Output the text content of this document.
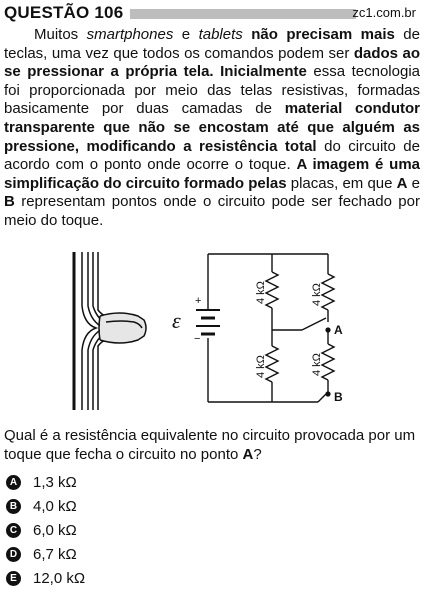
QUESTÃO 106	zc1.com.br
Muitos smartphones e tablets não precisam mais de teclas, uma vez que todos os comandos podem ser dados ao se pressionar a própria tela. Inicialmente essa tecnologia foi proporcionada por meio das telas resistivas, formadas basicamente por duas camadas de material condutor transparente que não se encostam até que alguém as pressione, modificando a resistência total do circuito de acordo com o ponto onde ocorre o toque. A imagem é uma simplificação do circuito formado pelas placas, em que A e B representam pontos onde o circuito pode ser fechado por meio do toque.
ε
+
−
4 kΩ	4 kΩ
4 kΩ	4 kΩ
A
B
Qual é a resistência equivalente no circuito provocada por um toque que fecha o circuito no ponto A?
A 1,3 kΩ
B 4,0 kΩ
C 6,0 kΩ
D 6,7 kΩ
E 12,0 kΩ
